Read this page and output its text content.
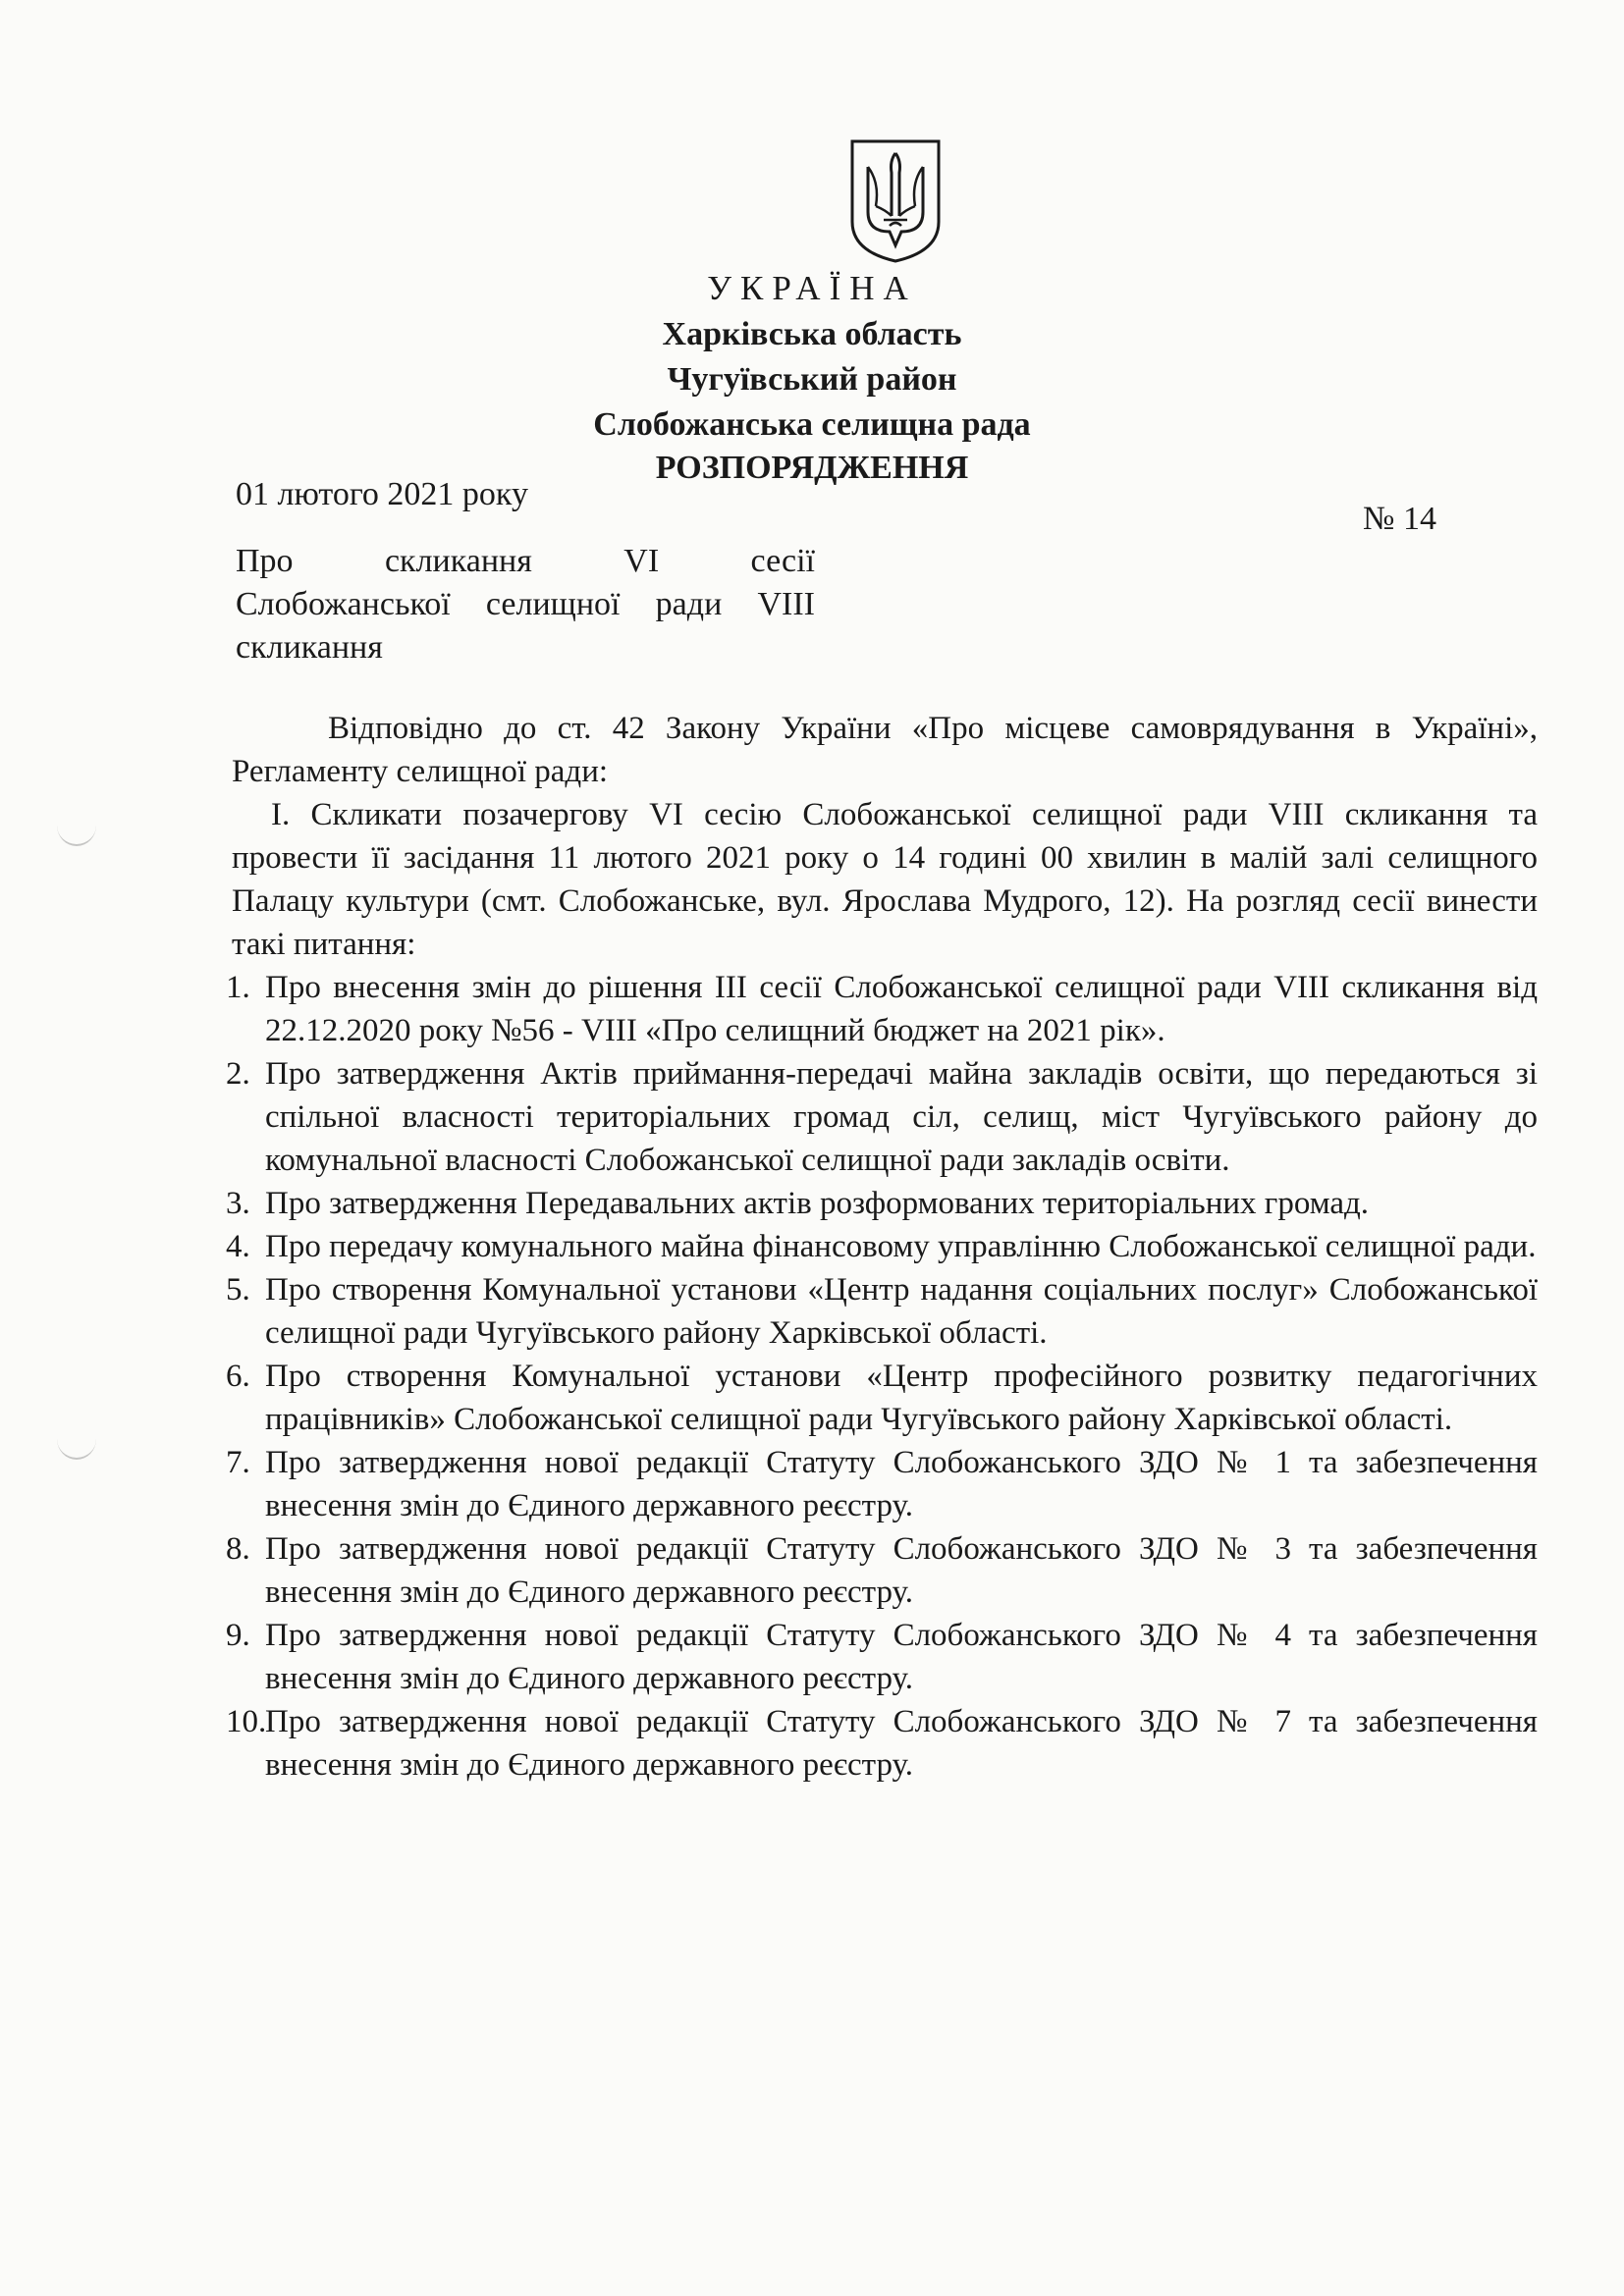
УКРАЇНА
Харківська область
Чугуївський район
Слобожанська селищна рада
РОЗПОРЯДЖЕННЯ
01 лютого 2021 року
№ 14
Про скликання VI сесії
Слобожанської селищної ради VIII
скликання

Відповідно до ст. 42 Закону України «Про місцеве самоврядування в Україні», Регламенту селищної ради:

I. Скликати позачергову VI сесію Слобожанської селищної ради VIII скликання та провести її засідання 11 лютого 2021 року о 14 годині 00 хвилин в малій залі селищного Палацу культури (смт. Слобожанське, вул. Ярослава Мудрого, 12). На розгляд сесії винести такі питання:

1. Про внесення змін до рішення III сесії Слобожанської селищної ради VIII скликання від 22.12.2020 року №56 - VIII «Про селищний бюджет на 2021 рік».
2. Про затвердження Актів приймання-передачі майна закладів освіти, що передаються зі спільної власності територіальних громад сіл, селищ, міст Чугуївського району до комунальної власності Слобожанської селищної ради закладів освіти.
3. Про затвердження Передавальних актів розформованих територіальних громад.
4. Про передачу комунального майна фінансовому управлінню Слобожанської селищної ради.
5. Про створення Комунальної установи «Центр надання соціальних послуг» Слобожанської селищної ради Чугуївського району Харківської області.
6. Про створення Комунальної установи «Центр професійного розвитку педагогічних працівників» Слобожанської селищної ради Чугуївського району Харківської області.
7. Про затвердження нової редакції Статуту Слобожанського ЗДО № 1 та забезпечення внесення змін до Єдиного державного реєстру.
8. Про затвердження нової редакції Статуту Слобожанського ЗДО № 3 та забезпечення внесення змін до Єдиного державного реєстру.
9. Про затвердження нової редакції Статуту Слобожанського ЗДО № 4 та забезпечення внесення змін до Єдиного державного реєстру.
10.
Про затвердження нової редакції Статуту Слобожанського ЗДО № 7 та забезпечення внесення змін до Єдиного державного реєстру.
